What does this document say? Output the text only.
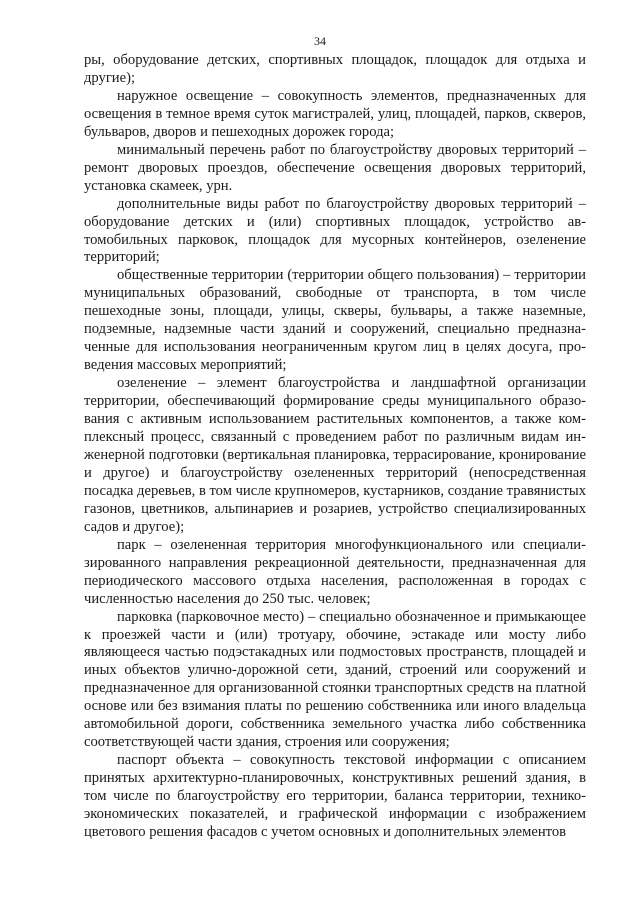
34

ры, оборудование детских, спортивных площадок, площадок для отдыха и другие);

наружное освещение – совокупность элементов, предназначенных для освещения в темное время суток магистралей, улиц, площадей, парков, скверов, бульваров, дворов и пешеходных дорожек города;

минимальный перечень работ по благоустройству дворовых территорий – ремонт дворовых проездов, обеспечение освещения дворовых территорий, установка скамеек, урн.

дополнительные виды работ по благоустройству дворовых территорий – оборудование детских и (или) спортивных площадок, устройство автомобильных парковок, площадок для мусорных контейнеров, озеленение территорий;

общественные территории (территории общего пользования) – территории муниципальных образований, свободные от транспорта, в том числе пешеходные зоны, площади, улицы, скверы, бульвары, а также наземные, подземные, надземные части зданий и сооружений, специально предназначенные для использования неограниченным кругом лиц в целях досуга, проведения массовых мероприятий;

озеленение – элемент благоустройства и ландшафтной организации территории, обеспечивающий формирование среды муниципального образования с активным использованием растительных компонентов, а также комплексный процесс, связанный с проведением работ по различным видам инженерной подготовки (вертикальная планировка, террасирование, кронирование и другое) и благоустройству озелененных территорий (непосредственная посадка деревьев, в том числе крупномеров, кустарников, создание травянистых газонов, цветников, альпинариев и розариев, устройство специализированных садов и другое);

парк – озелененная территория многофункционального или специализированного направления рекреационной деятельности, предназначенная для периодического массового отдыха населения, расположенная в городах с численностью населения до 250 тыс. человек;

парковка (парковочное место) – специально обозначенное и примыкающее к проезжей части и (или) тротуару, обочине, эстакаде или мосту либо являющееся частью подэстакадных или подмостовых пространств, площадей и иных объектов улично-дорожной сети, зданий, строений или сооружений и предназначенное для организованной стоянки транспортных средств на платной основе или без взимания платы по решению собственника или иного владельца автомобильной дороги, собственника земельного участка либо собственника соответствующей части здания, строения или сооружения;

паспорт объекта – совокупность текстовой информации с описанием принятых архитектурно-планировочных, конструктивных решений здания, в том числе по благоустройству его территории, баланса территории, технико-экономических показателей, и графической информации с изображением цветового решения фасадов с учетом основных и дополнительных элементов
